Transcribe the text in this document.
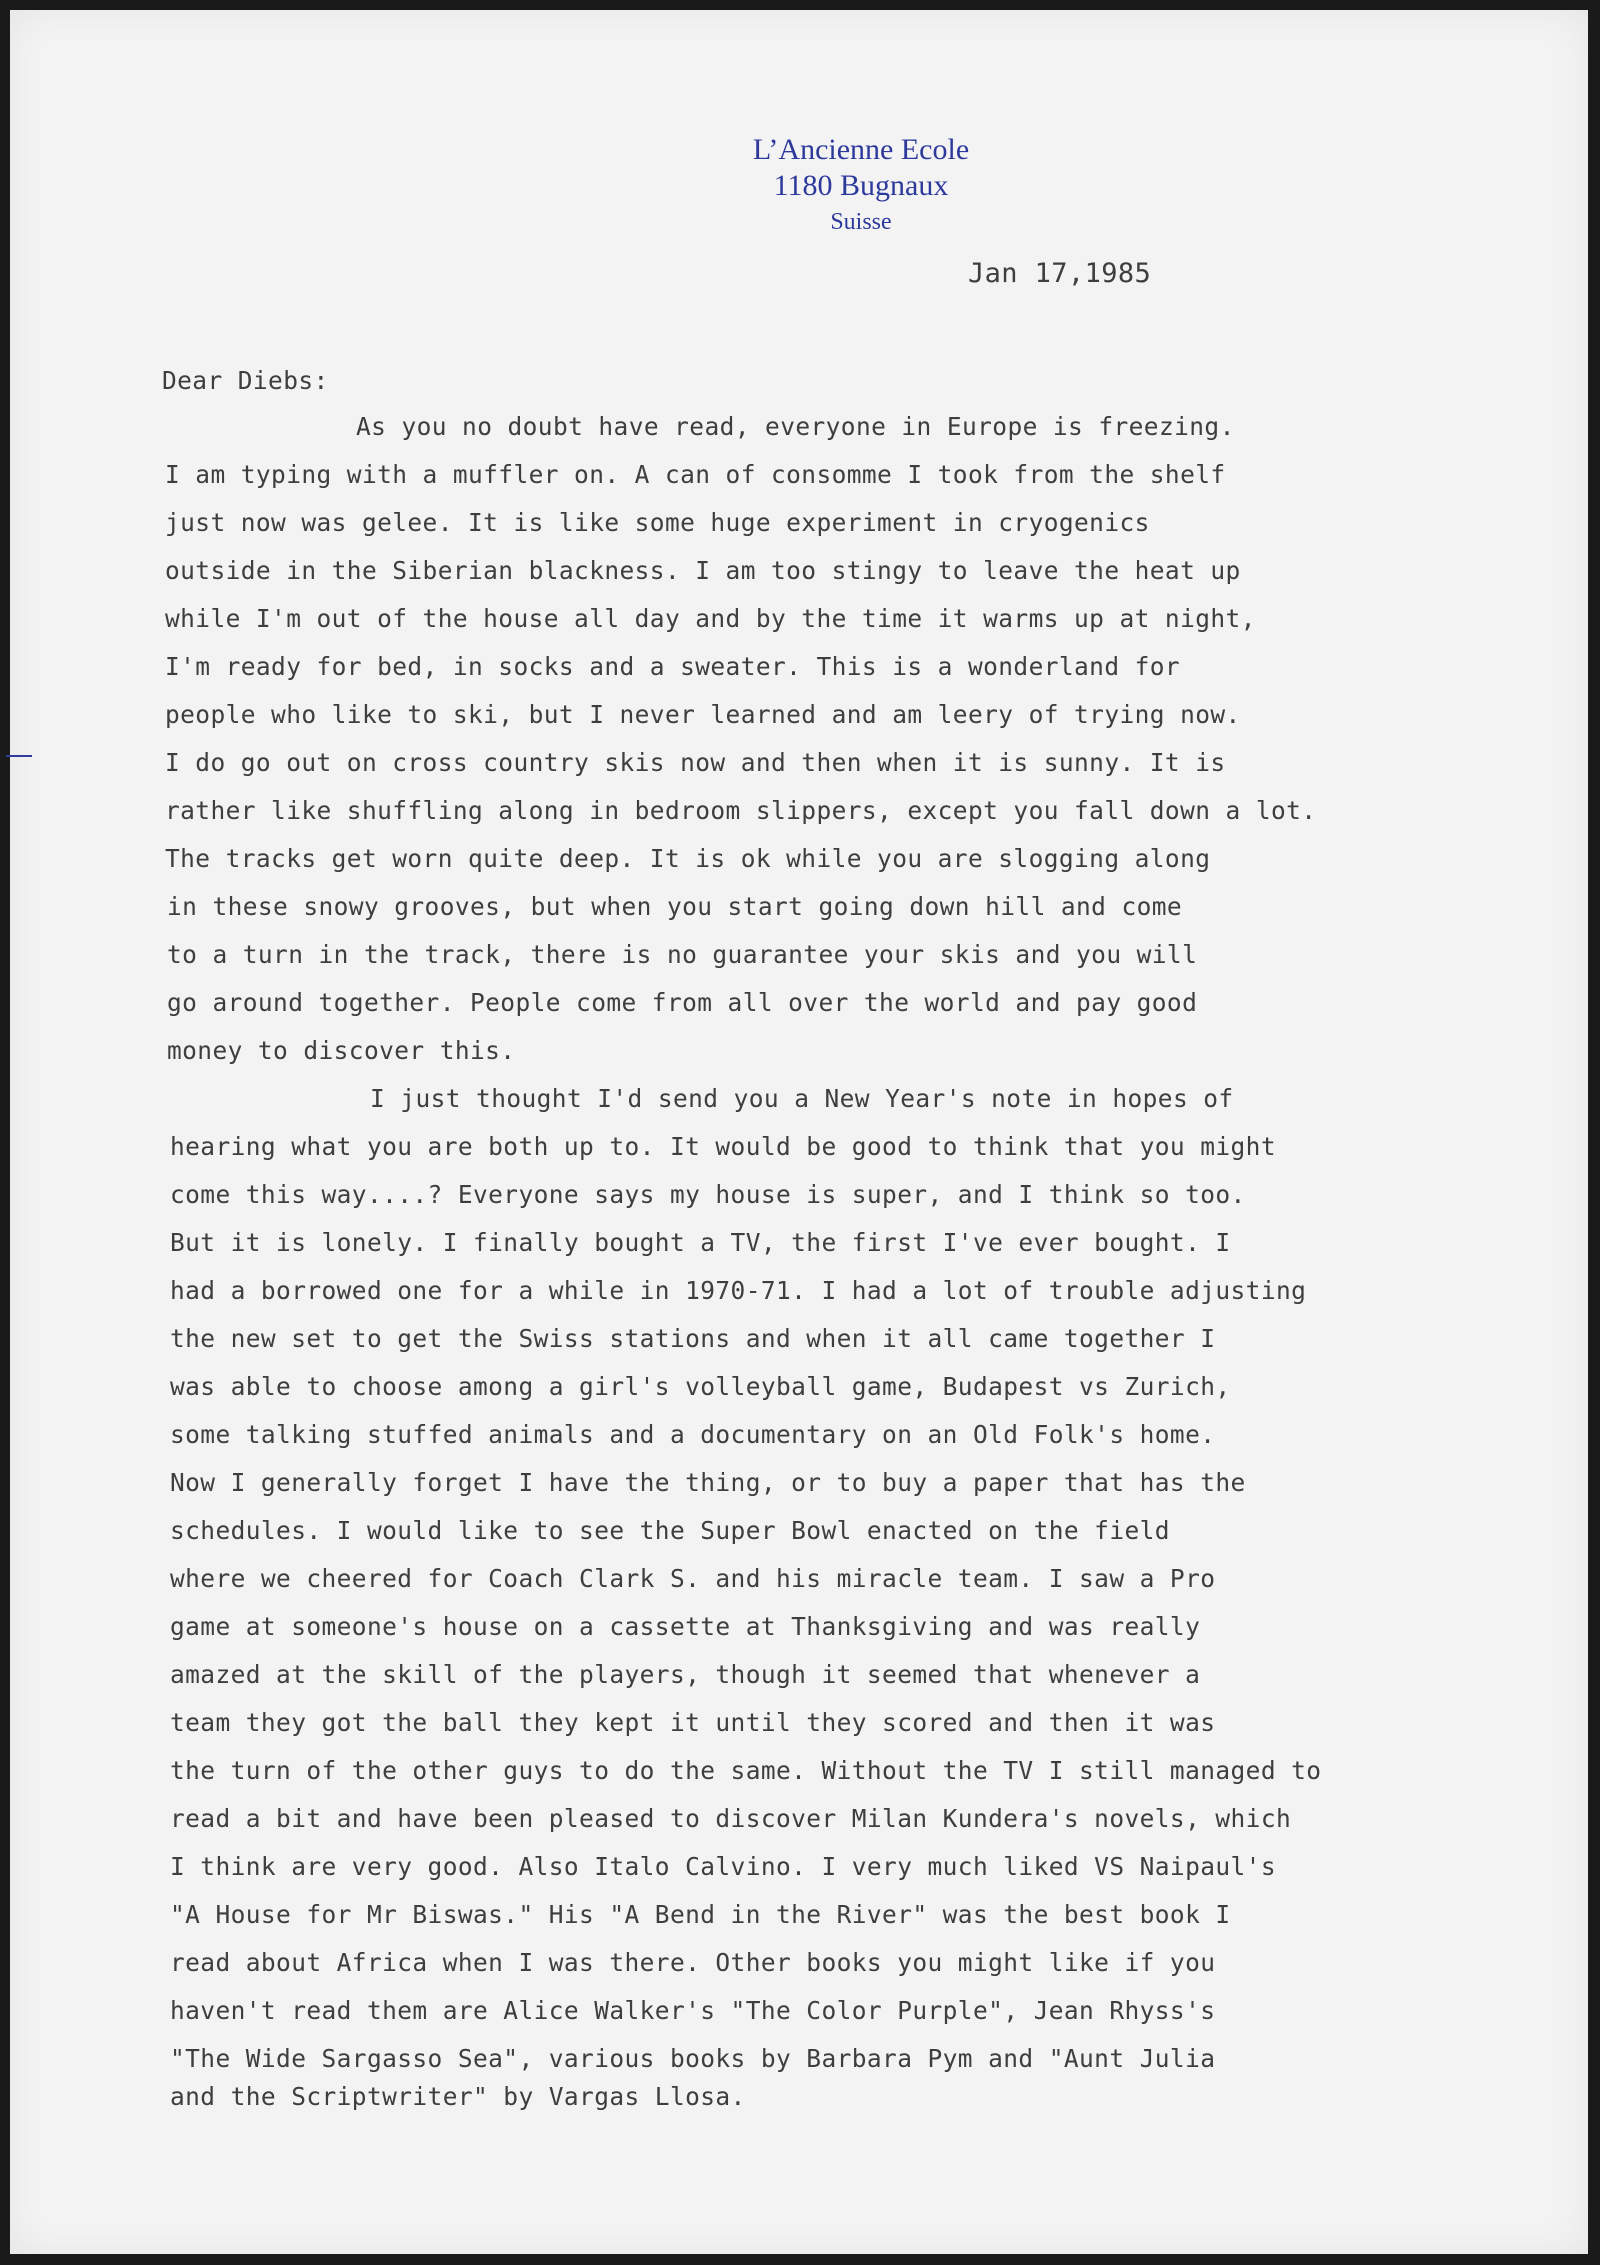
L’Ancienne Ecole
1180 Bugnaux
Suisse
Jan 17,1985
Dear Diebs:
As you no doubt have read, everyone in Europe is freezing.
I am typing with a muffler on. A can of consomme I took from the shelf
just now was gelee. It is like some huge experiment in cryogenics
outside in the Siberian blackness. I am too stingy to leave the heat up
while I'm out of the house all day and by the time it warms up at night,
I'm ready for bed, in socks and a sweater. This is a wonderland for
people who like to ski, but I never learned and am leery of trying now.
I do go out on cross country skis now and then when it is sunny. It is
rather like shuffling along in bedroom slippers, except you fall down a lot.
The tracks get worn quite deep. It is ok while you are slogging along
in these snowy grooves, but when you start going down hill and come
to a turn in the track, there is no guarantee your skis and you will
go around together. People come from all over the world and pay good
money to discover this.
I just thought I'd send you a New Year's note in hopes of
hearing what you are both up to. It would be good to think that you might
come this way....? Everyone says my house is super, and I think so too.
But it is lonely. I finally bought a TV, the first I've ever bought. I
had a borrowed one for a while in 1970-71. I had a lot of trouble adjusting
the new set to get the Swiss stations and when it all came together I
was able to choose among a girl's volleyball game, Budapest vs Zurich,
some talking stuffed animals and a documentary on an Old Folk's home.
Now I generally forget I have the thing, or to buy a paper that has the
schedules. I would like to see the Super Bowl enacted on the field
where we cheered for Coach Clark S. and his miracle team. I saw a Pro
game at someone's house on a cassette at Thanksgiving and was really
amazed at the skill of the players, though it seemed that whenever a
team they got the ball they kept it until they scored and then it was
the turn of the other guys to do the same. Without the TV I still managed to
read a bit and have been pleased to discover Milan Kundera's novels, which
I think are very good. Also Italo Calvino. I very much liked VS Naipaul's
"A House for Mr Biswas." His "A Bend in the River" was the best book I
read about Africa when I was there. Other books you might like if you
haven't read them are Alice Walker's "The Color Purple", Jean Rhyss's
"The Wide Sargasso Sea", various books by Barbara Pym and "Aunt Julia
and the Scriptwriter" by Vargas Llosa.
